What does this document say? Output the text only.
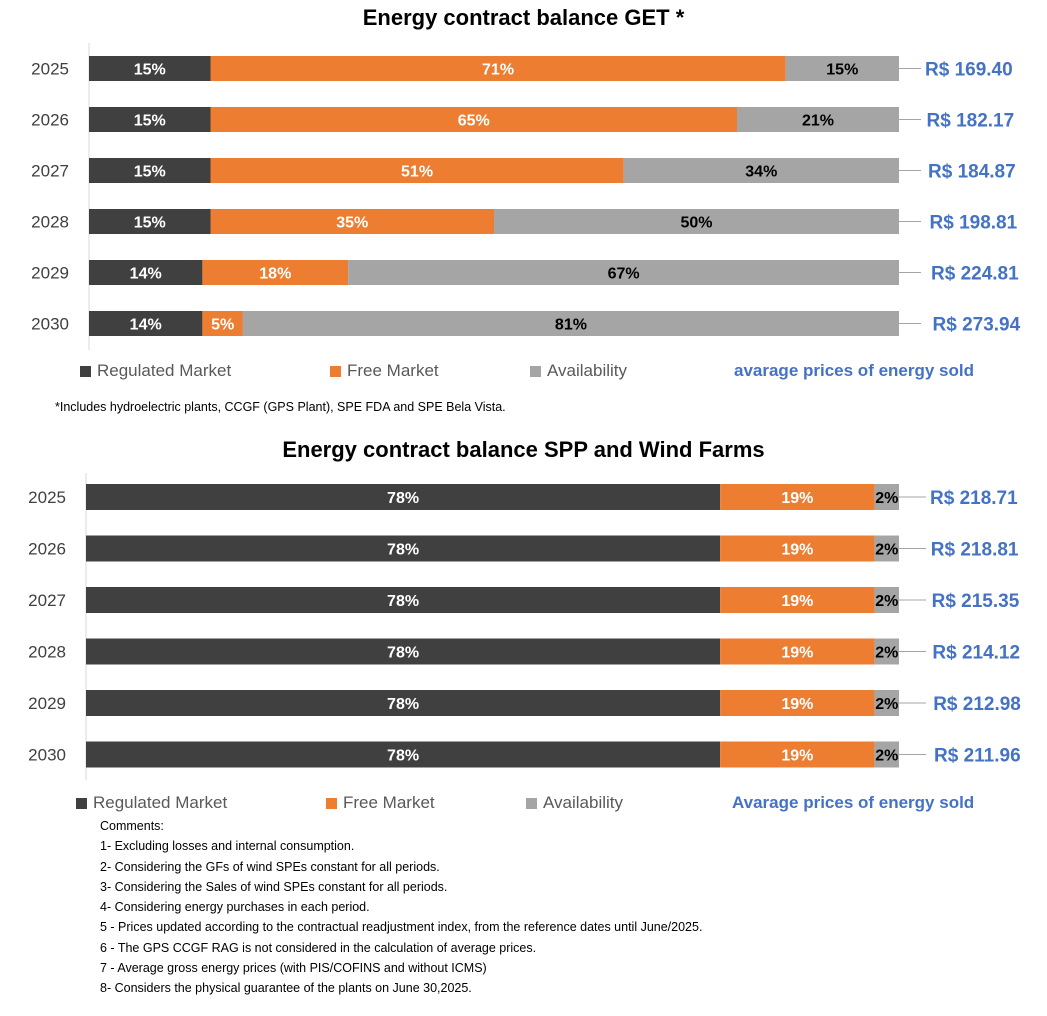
Energy contract balance GET *
2025	15%	71%	15%	R$ 169.40
2026	15%	65%	21%	R$ 182.17
2027	15%	51%	34%	R$ 184.87
2028	15%	35%	50%	R$ 198.81
2029	14%	18%	67%	R$ 224.81
2030	14%	5%	81%	R$ 273.94
Regulated Market	Free Market	Availability	avarage prices of energy sold
*Includes hydroelectric plants, CCGF (GPS Plant), SPE FDA and SPE Bela Vista.
Energy contract balance SPP and Wind Farms
2025	78%	19%	2% R$ 218.71
2026	78%	19%	2% R$ 218.81
2027	78%	19%	2% R$ 215.35
2028	78%	19%	2% R$ 214.12
2029	78%	19%	2% R$ 212.98
2030	78%	19%	2% R$ 211.96
Regulated Market	Free Market	Availability	Avarage prices of energy sold
Comments:
1- Excluding losses and internal consumption.
2- Considering the GFs of wind SPEs constant for all periods.
3- Considering the Sales of wind SPEs constant for all periods.
4- Considering energy purchases in each period.
5 - Prices updated according to the contractual readjustment index, from the reference dates until June/2025.
6 - The GPS CCGF RAG is not considered in the calculation of average prices.
7 - Average gross energy prices (with PIS/COFINS and without ICMS)
8- Considers the physical guarantee of the plants on June 30,2025.
